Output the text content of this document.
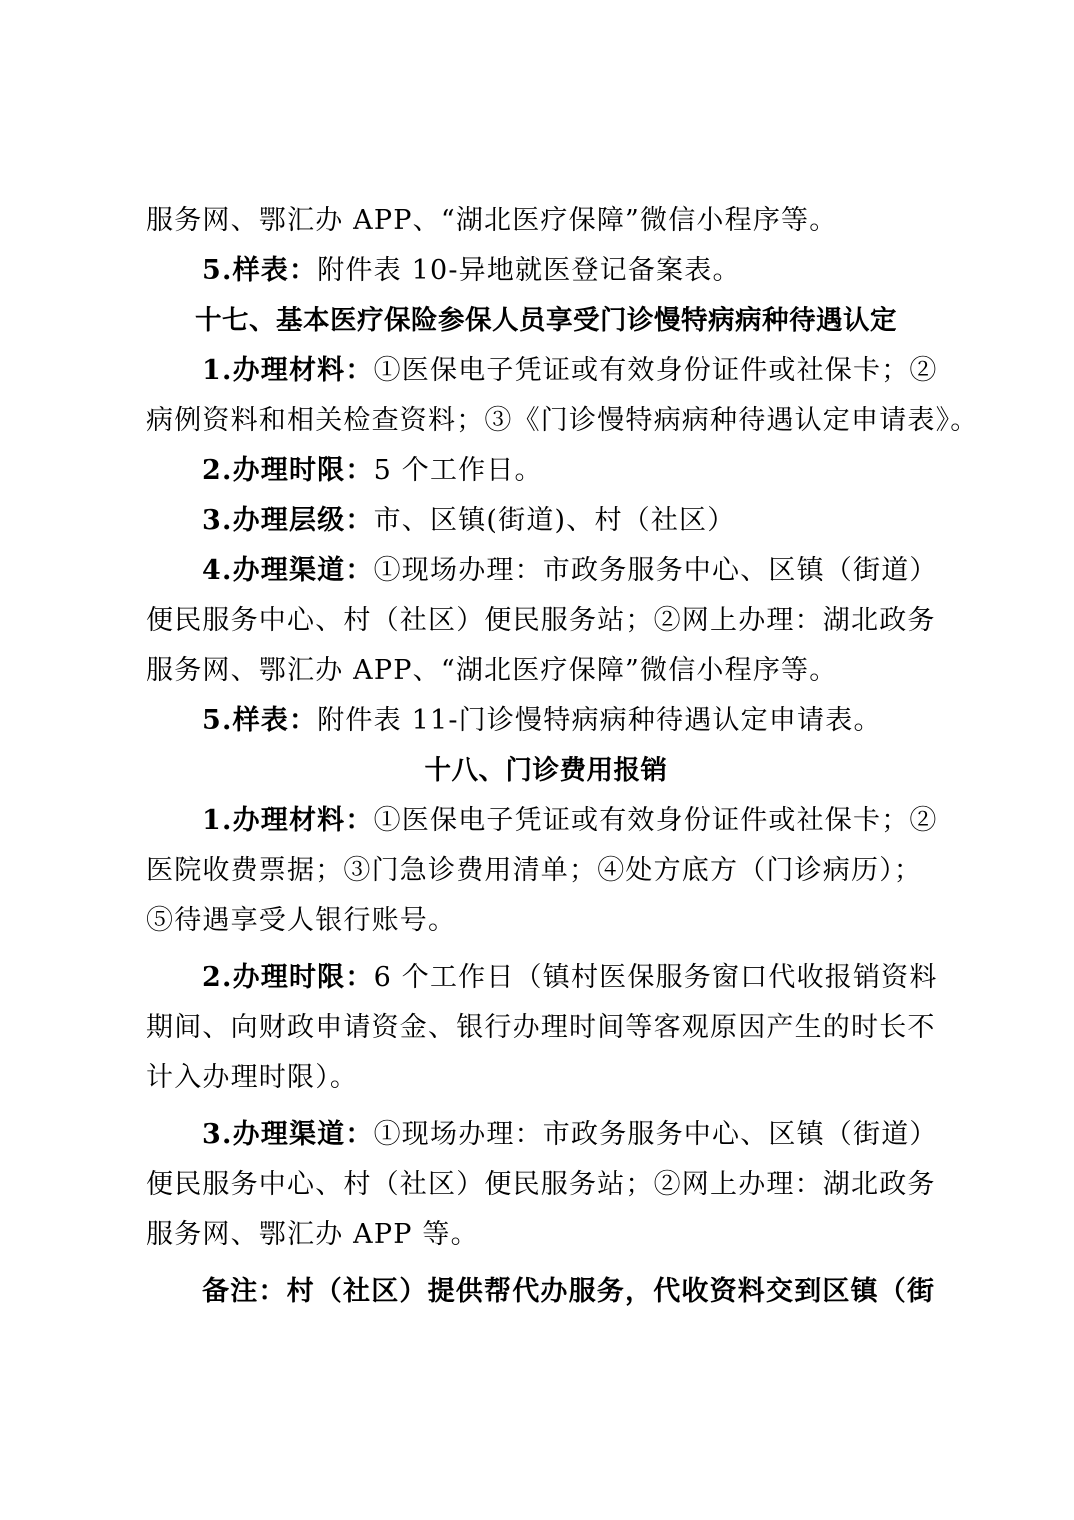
服务网、鄂汇办 APP、“湖北医疗保障”微信小程序等。
5.样表：附件表 10-异地就医登记备案表。
十七、基本医疗保险参保人员享受门诊慢特病病种待遇认定
1.办理材料：①医保电子凭证或有效身份证件或社保卡；②
病例资料和相关检查资料；③《门诊慢特病病种待遇认定申请表》。
2.办理时限：5 个工作日。
3.办理层级：市、区镇(街道)、村（社区）
4.办理渠道：①现场办理：市政务服务中心、区镇（街道）
便民服务中心、村（社区）便民服务站；②网上办理：湖北政务
服务网、鄂汇办 APP、“湖北医疗保障”微信小程序等。
5.样表：附件表 11-门诊慢特病病种待遇认定申请表。
十八、门诊费用报销
1.办理材料：①医保电子凭证或有效身份证件或社保卡；②
医院收费票据；③门急诊费用清单；④处方底方（门诊病历）；
⑤待遇享受人银行账号。
2.办理时限：6 个工作日（镇村医保服务窗口代收报销资料
期间、向财政申请资金、银行办理时间等客观原因产生的时长不
计入办理时限）。
3.办理渠道：①现场办理：市政务服务中心、区镇（街道）
便民服务中心、村（社区）便民服务站；②网上办理：湖北政务
服务网、鄂汇办 APP 等。
备注：村（社区）提供帮代办服务，代收资料交到区镇（街
